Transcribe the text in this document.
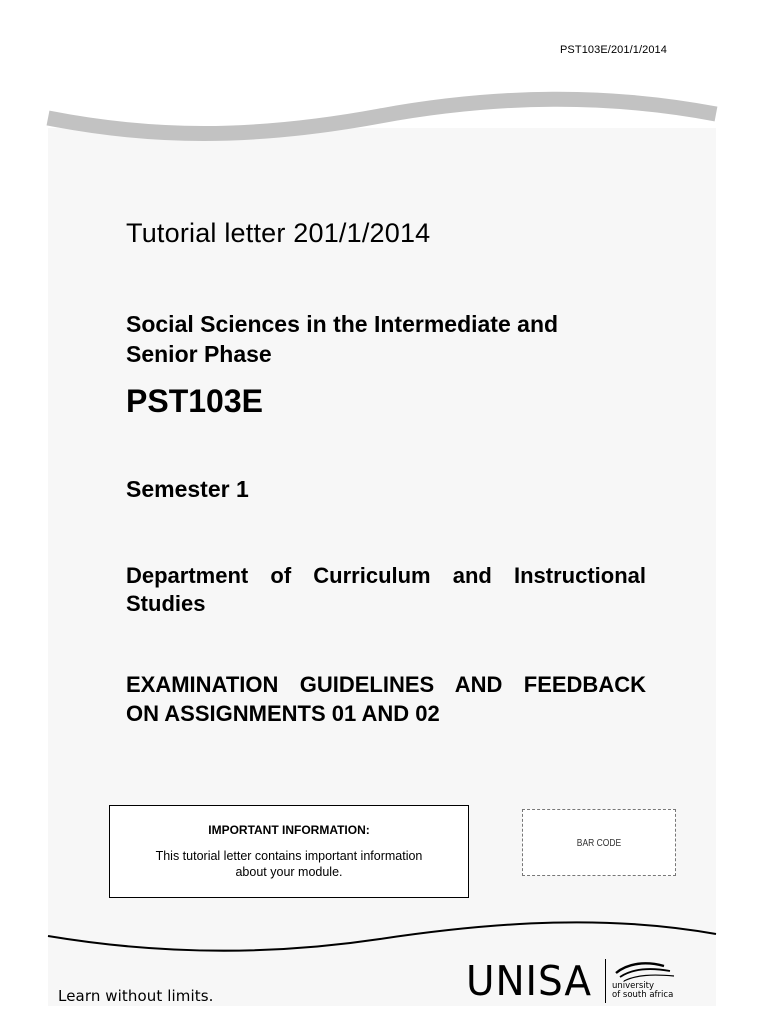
PST103E/201/1/2014
Tutorial letter 201/1/2014
Social Sciences in the Intermediate and
Senior Phase
PST103E
Semester 1
Department of Curriculum and Instructional
Studies
EXAMINATION GUIDELINES AND FEEDBACK
ON ASSIGNMENTS 01 AND 02
IMPORTANT INFORMATION:
This tutorial letter contains important information
about your module.
BAR CODE
Learn without limits.	UNISA university
of south africa
